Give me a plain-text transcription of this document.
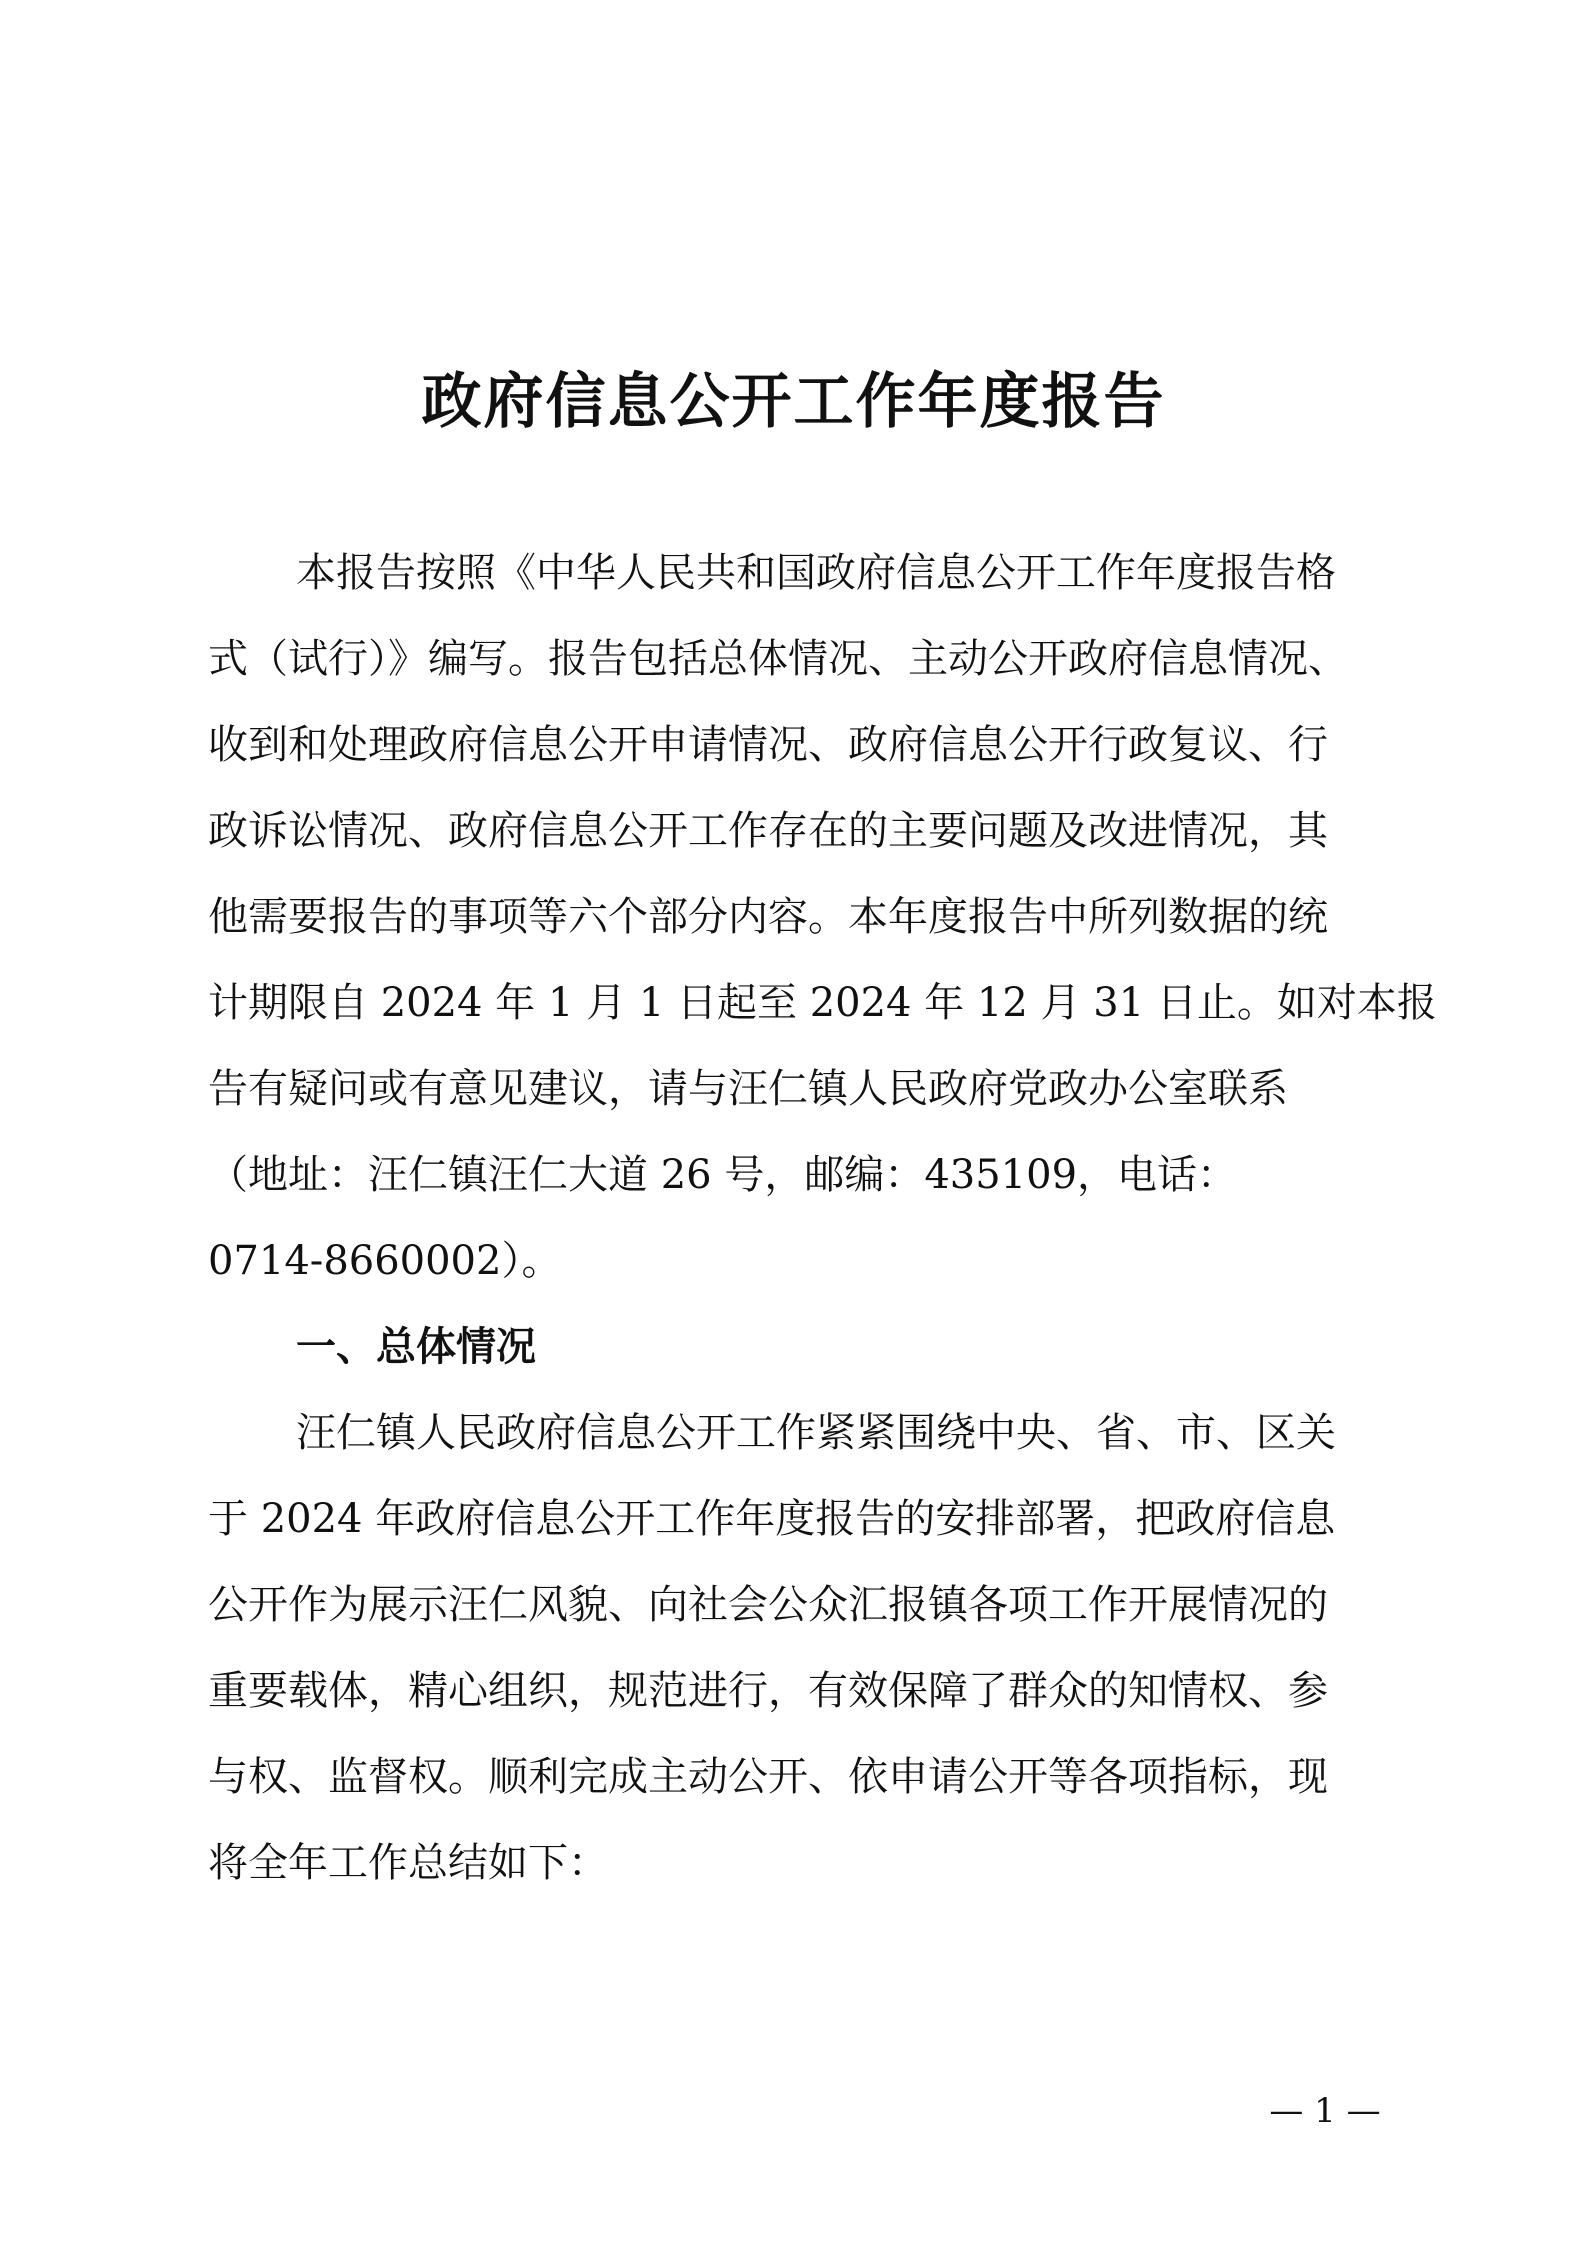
政府信息公开工作年度报告
本报告按照《中华人民共和国政府信息公开工作年度报告格
式（试行）》编写。报告包括总体情况、主动公开政府信息情况、
收到和处理政府信息公开申请情况、政府信息公开行政复议、行
政诉讼情况、政府信息公开工作存在的主要问题及改进情况，其
他需要报告的事项等六个部分内容。本年度报告中所列数据的统
计期限自 2024 年 1 月 1 日起至 2024 年 12 月 31 日止。如对本报
告有疑问或有意见建议，请与汪仁镇人民政府党政办公室联系
（地址：汪仁镇汪仁大道 26 号，邮编：435109，电话：
0714-8660002）。
一、总体情况
汪仁镇人民政府信息公开工作紧紧围绕中央、省、市、区关
于 2024 年政府信息公开工作年度报告的安排部署，把政府信息
公开作为展示汪仁风貌、向社会公众汇报镇各项工作开展情况的
重要载体，精心组织，规范进行，有效保障了群众的知情权、参
与权、监督权。顺利完成主动公开、依申请公开等各项指标，现
将全年工作总结如下：
— 1 —
